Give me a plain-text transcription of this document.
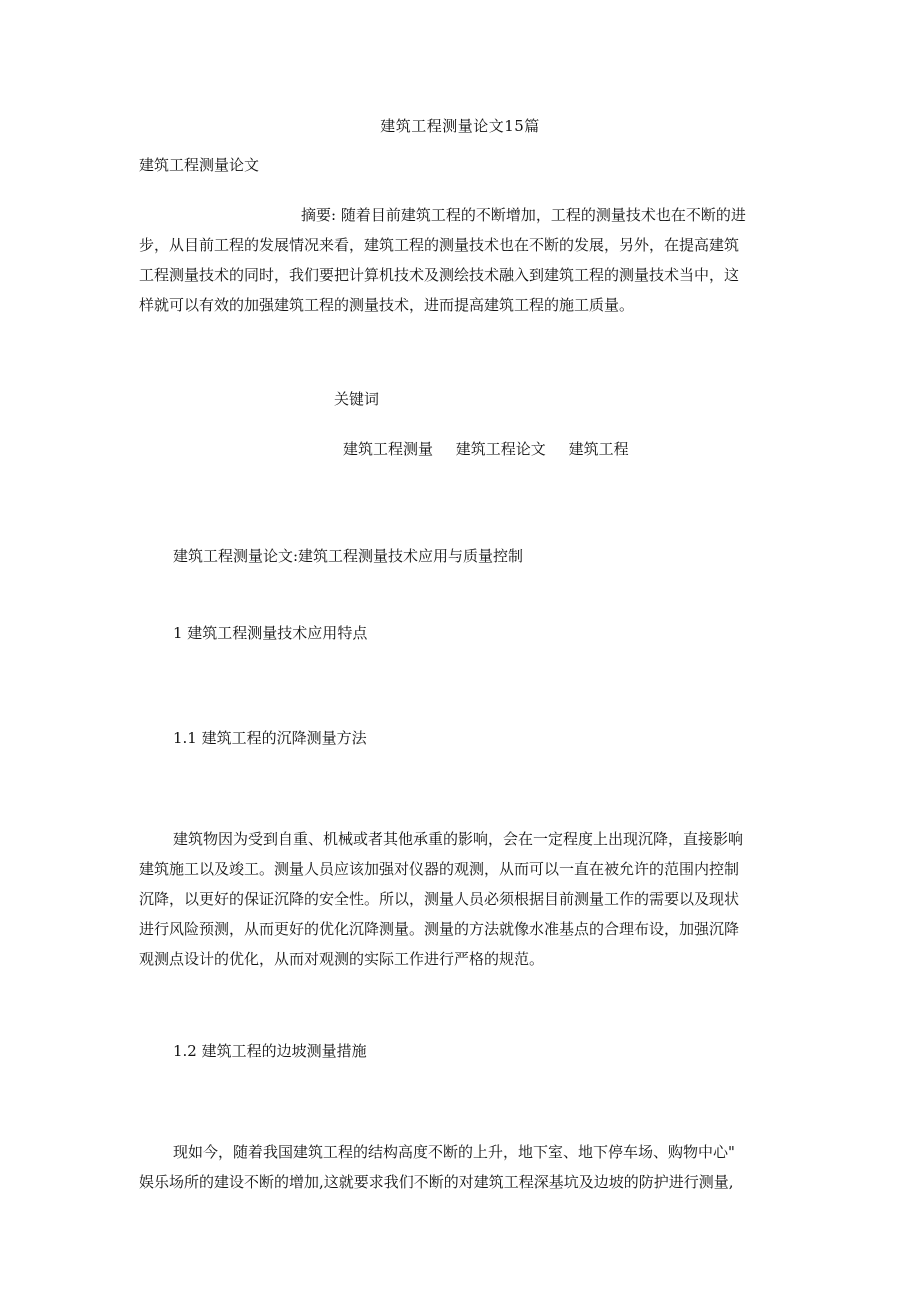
建筑工程测量论文15篇

建筑工程测量论文

摘要: 随着目前建筑工程的不断增加，工程的测量技术也在不断的进
步，从目前工程的发展情况来看，建筑工程的测量技术也在不断的发展，另外，在提高建筑
工程测量技术的同时，我们要把计算机技术及测绘技术融入到建筑工程的测量技术当中，这
样就可以有效的加强建筑工程的测量技术，进而提高建筑工程的施工质量。

关键词

建筑工程测量 建筑工程论文 建筑工程

建筑工程测量论文:建筑工程测量技术应用与质量控制

1 建筑工程测量技术应用特点

1.1 建筑工程的沉降测量方法

建筑物因为受到自重、机械或者其他承重的影响，会在一定程度上出现沉降，直接影响
建筑施工以及竣工。测量人员应该加强对仪器的观测，从而可以一直在被允许的范围内控制
沉降，以更好的保证沉降的安全性。所以，测量人员必须根据目前测量工作的需要以及现状
进行风险预测，从而更好的优化沉降测量。测量的方法就像水准基点的合理布设，加强沉降
观测点设计的优化，从而对观测的实际工作进行严格的规范。

1.2 建筑工程的边坡测量措施

现如今，随着我国建筑工程的结构高度不断的上升，地下室、地下停车场、购物中心"
娱乐场所的建设不断的增加,这就要求我们不断的对建筑工程深基坑及边坡的防护进行测量,
